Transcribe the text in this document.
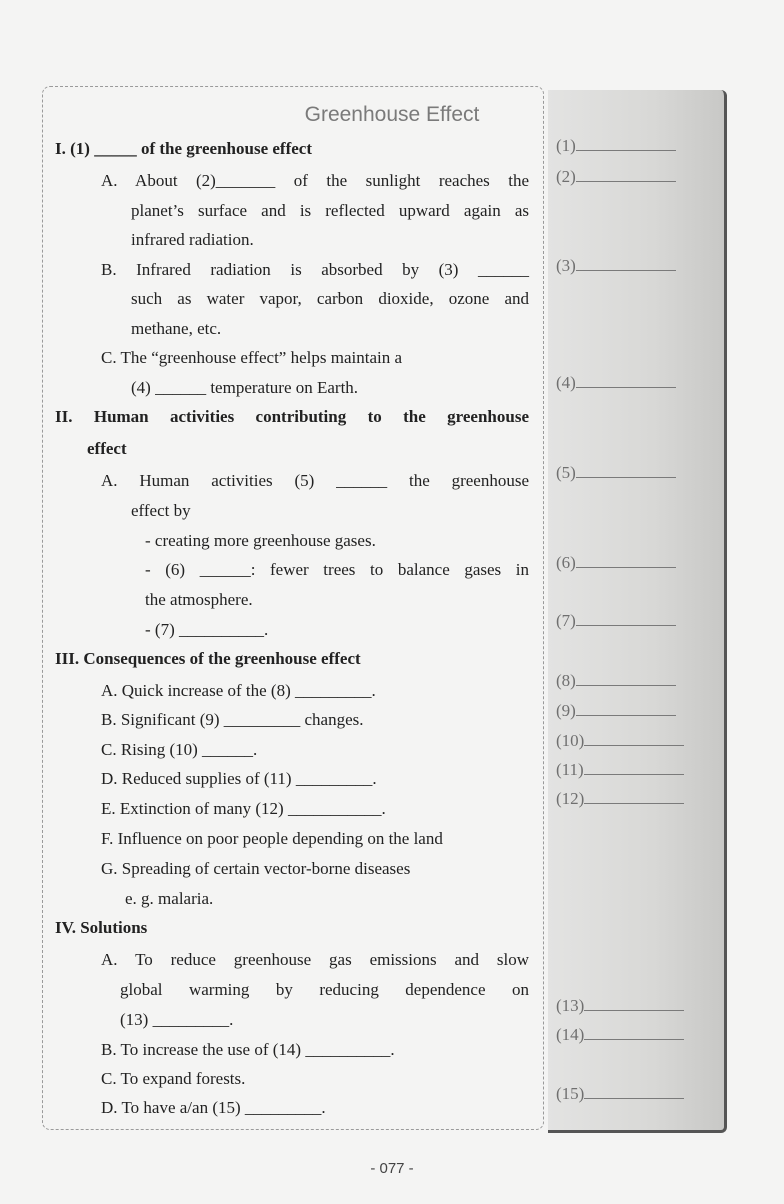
Greenhouse Effect
I. (1) _____ of the greenhouse effect
A. About (2)_______ of the sunlight reaches the
planet’s surface and is reflected upward again as
infrared radiation.
B. Infrared radiation is absorbed by (3) ______
such as water vapor, carbon dioxide, ozone and
methane, etc.
C. The “greenhouse effect” helps maintain a
(4) ______ temperature on Earth.
II. Human activities contributing to the greenhouse
effect
A. Human activities (5) ______ the greenhouse
effect by
- creating more greenhouse gases.
- (6) ______: fewer trees to balance gases in
the atmosphere.
- (7) __________.
III. Consequences of the greenhouse effect
A. Quick increase of the (8) _________.
B. Significant (9) _________ changes.
C. Rising (10) ______.
D. Reduced supplies of (11) _________.
E. Extinction of many (12) ___________.
F. Influence on poor people depending on the land
G. Spreading of certain vector-borne diseases
e. g. malaria.
IV. Solutions
A. To reduce greenhouse gas emissions and slow
global warming by reducing dependence on
(13) _________.
B. To increase the use of (14) __________.
C. To expand forests.
D. To have a/an (15) _________.
(1)
(2)
(3)
(4)
(5)
(6)
(7)
(8)
(9)
(10)
(11)
(12)
(13)
(14)
(15)
- 077 -
